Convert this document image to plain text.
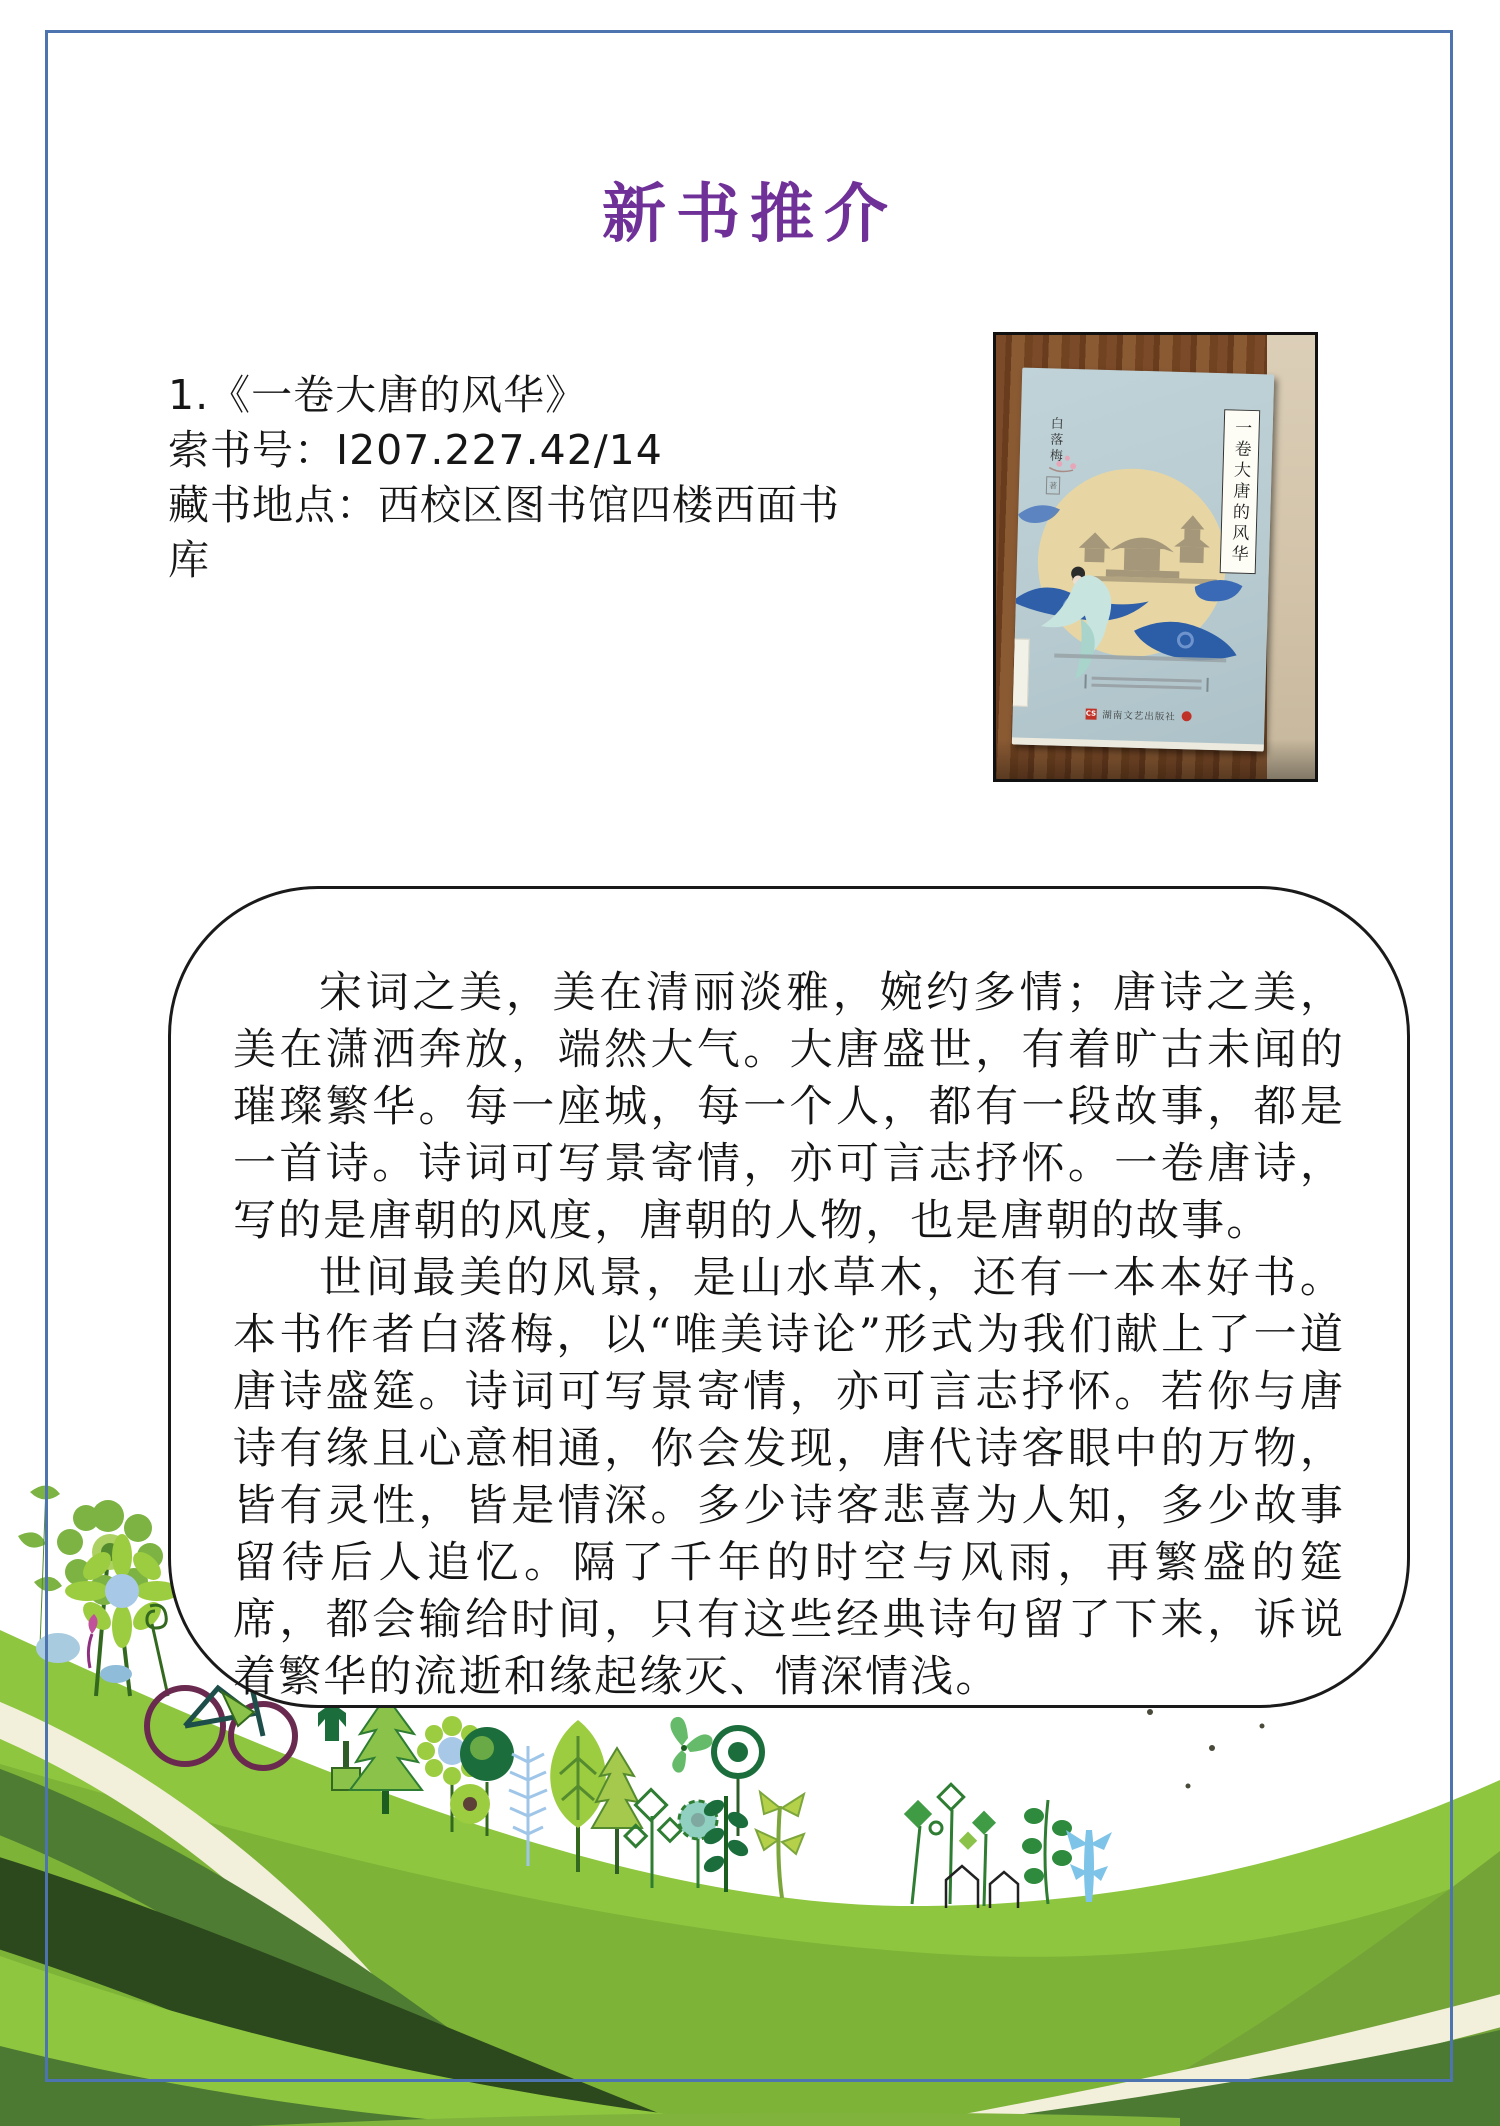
新书推介
1.《一卷大唐的风华》
索书号：I207.227.42/14
藏书地点：西校区图书馆四楼西面书库	一卷大唐的风华
白落梅
著
CS 湖南文艺出版社

宋词之美，美在清丽淡雅，婉约多情；唐诗之美，美在潇洒奔放，端然大气。大唐盛世，有着旷古未闻的璀璨繁华。每一座城，每一个人，都有一段故事，都是一首诗。诗词可写景寄情，亦可言志抒怀。一卷唐诗，写的是唐朝的风度，唐朝的人物，也是唐朝的故事。

世间最美的风景，是山水草木，还有一本本好书。本书作者白落梅，以“唯美诗论”形式为我们献上了一道唐诗盛筵。诗词可写景寄情，亦可言志抒怀。若你与唐诗有缘且心意相通，你会发现，唐代诗客眼中的万物，皆有灵性，皆是情深。多少诗客悲喜为人知，多少故事留待后人追忆。隔了千年的时空与风雨，再繁盛的筵席，都会输给时间，只有这些经典诗句留了下来，诉说着繁华的流逝和缘起缘灭、情深情浅。
